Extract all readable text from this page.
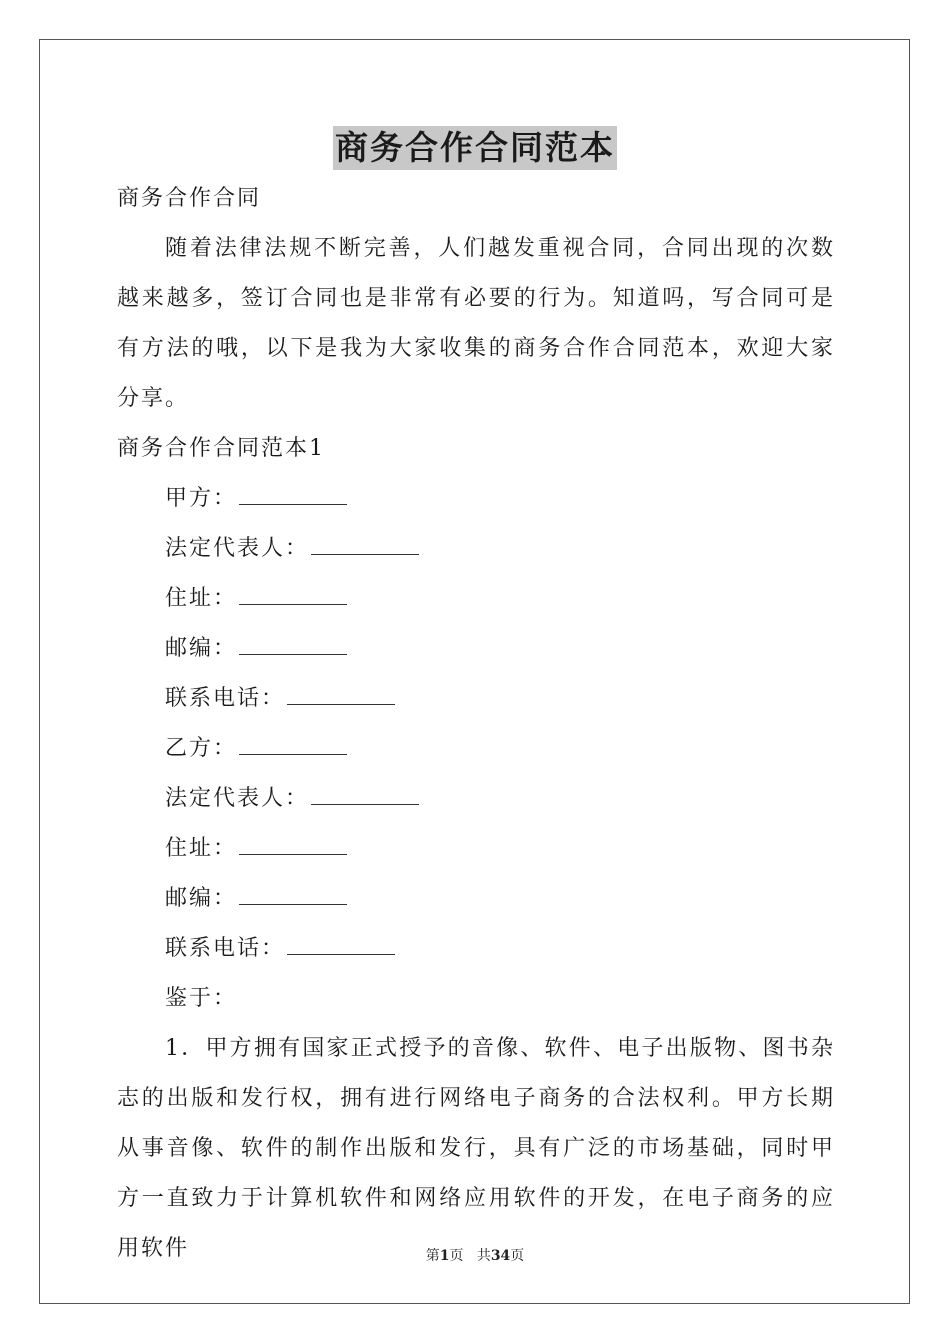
商务合作合同范本

商务合作合同

随着法律法规不断完善，人们越发重视合同，合同出现的次数越来越多，签订合同也是非常有必要的行为。知道吗，写合同可是有方法的哦，以下是我为大家收集的商务合作合同范本，欢迎大家分享。

商务合作合同范本1

甲方：

法定代表人：

住址：

邮编：

联系电话：

乙方：

法定代表人：

住址：

邮编：

联系电话：

鉴于：

1．甲方拥有国家正式授予的音像、软件、电子出版物、图书杂志的出版和发行权，拥有进行网络电子商务的合法权利。甲方长期从事音像、软件的制作出版和发行，具有广泛的市场基础，同时甲方一直致力于计算机软件和网络应用软件的开发，在电子商务的应用软件	第1页 共34页
